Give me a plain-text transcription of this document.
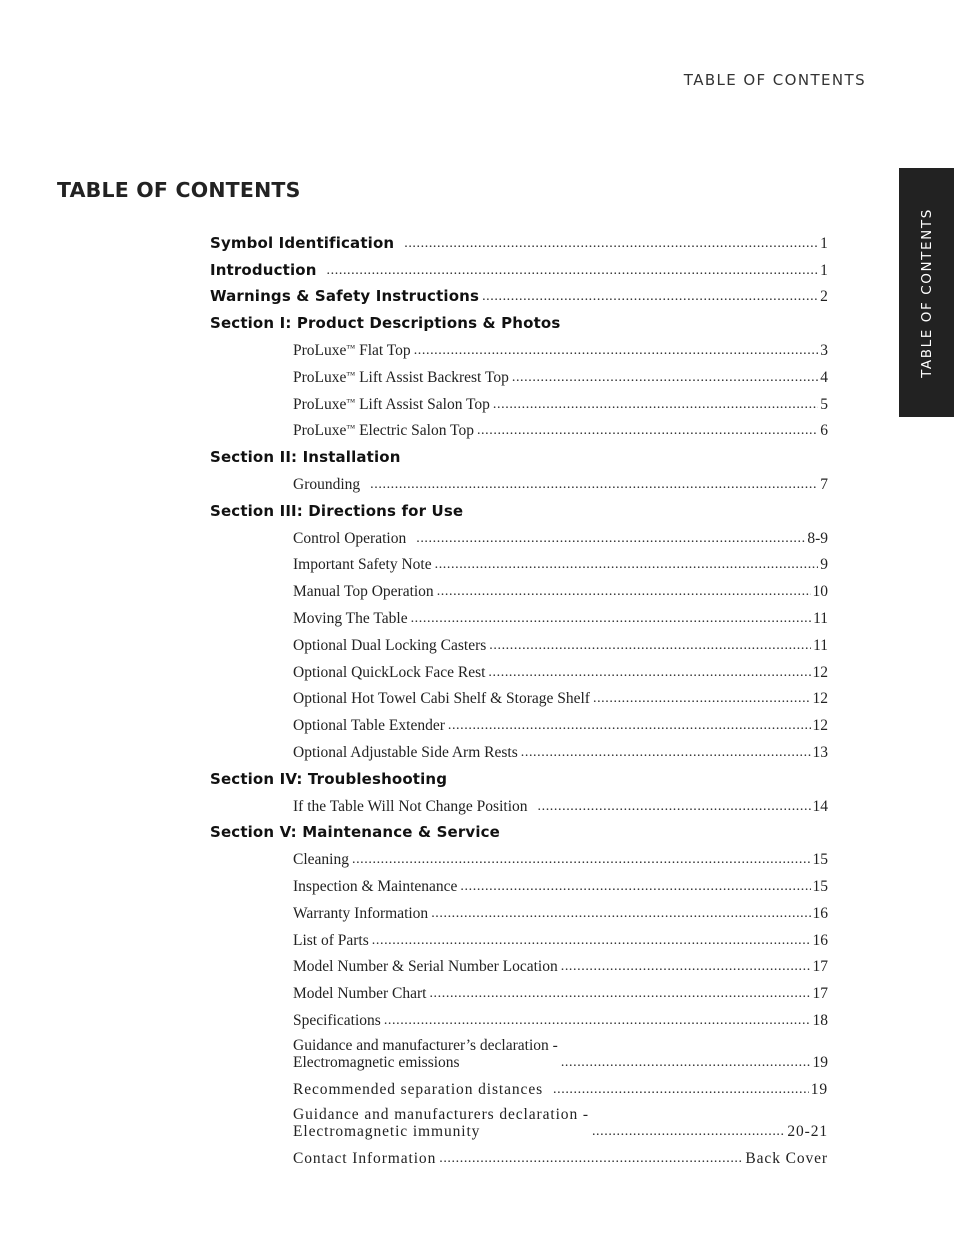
TABLE OF CONTENTS
TABLE OF CONTENTS
TABLE OF CONTENTS
Symbol Identification .....	1
Introduction .....	1
Warnings & Safety Instructions .....	2
Section I: Product Descriptions & Photos
ProLuxe™ Flat Top .....	3
ProLuxe™ Lift Assist Backrest Top .....	4
ProLuxe™ Lift Assist Salon Top .....	5
ProLuxe™ Electric Salon Top .....	6
Section II: Installation
Grounding .....	7
Section III: Directions for Use
Control Operation .....	8-9
Important Safety Note .....	9
Manual Top Operation .....	10
Moving The Table .....	11
Optional Dual Locking Casters .....	11
Optional QuickLock Face Rest .....	12
Optional Hot Towel Cabi Shelf & Storage Shelf .....	12
Optional Table Extender .....	12
Optional Adjustable Side Arm Rests .....	13
Section IV: Troubleshooting
If the Table Will Not Change Position .....	14
Section V: Maintenance & Service
Cleaning .....	15
Inspection & Maintenance .....	15
Warranty Information .....	16
List of Parts .....	16
Model Number & Serial Number Location .....	17
Model Number Chart .....	17
Specifications .....	18
Guidance and manufacturer’s declaration -
Electromagnetic emissions .....	19
Recommended separation distances .....	19
Guidance and manufacturers declaration -
Electromagnetic immunity .....	20-21
Contact Information .....	Back Cover
